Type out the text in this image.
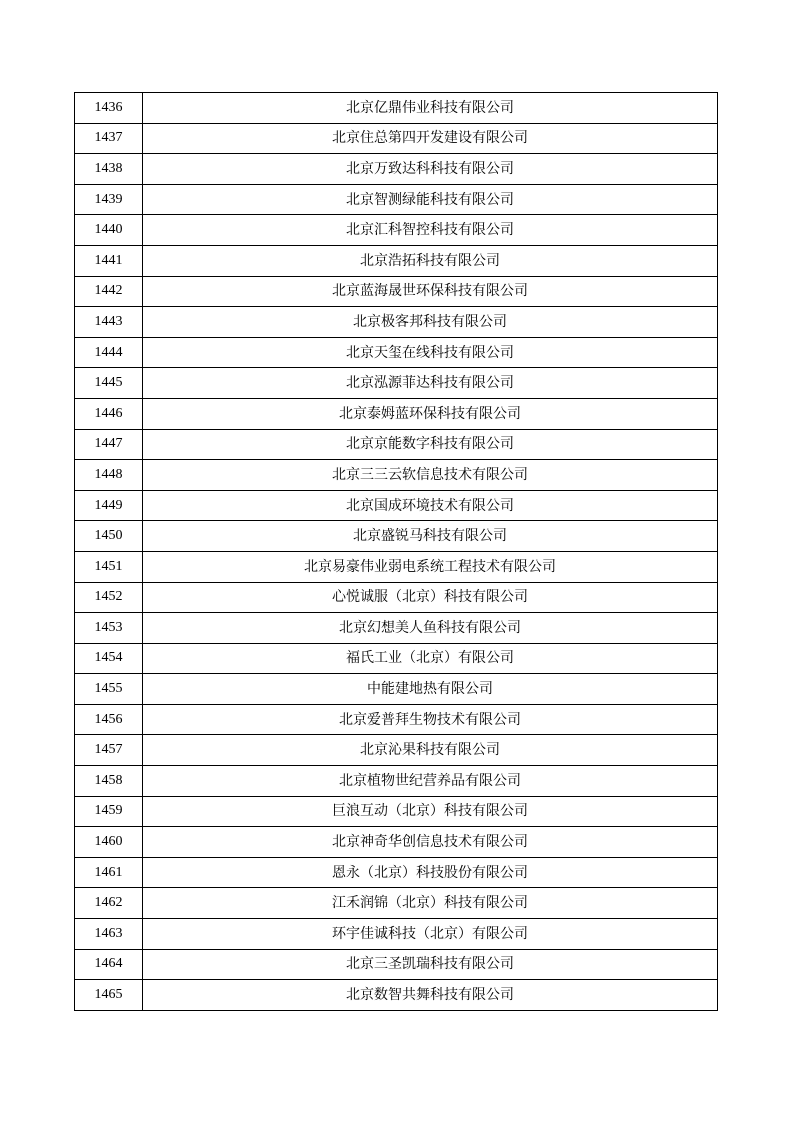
1436	北京亿鼎伟业科技有限公司
1437	北京住总第四开发建设有限公司
1438	北京万致达科科技有限公司
1439	北京智测绿能科技有限公司
1440	北京汇科智控科技有限公司
1441	北京浩拓科技有限公司
1442	北京蓝海晟世环保科技有限公司
1443	北京极客邦科技有限公司
1444	北京天玺在线科技有限公司
1445	北京泓源菲达科技有限公司
1446	北京泰姆蓝环保科技有限公司
1447	北京京能数字科技有限公司
1448	北京三三云软信息技术有限公司
1449	北京国成环境技术有限公司
1450	北京盛锐马科技有限公司
1451	北京易豪伟业弱电系统工程技术有限公司
1452	心悦诚服（北京）科技有限公司
1453	北京幻想美人鱼科技有限公司
1454	福氏工业（北京）有限公司
1455	中能建地热有限公司
1456	北京爱普拜生物技术有限公司
1457	北京沁果科技有限公司
1458	北京植物世纪营养品有限公司
1459	巨浪互动（北京）科技有限公司
1460	北京神奇华创信息技术有限公司
1461	恩永（北京）科技股份有限公司
1462	江禾润锦（北京）科技有限公司
1463	环宇佳诚科技（北京）有限公司
1464	北京三圣凯瑞科技有限公司
1465	北京数智共舞科技有限公司
